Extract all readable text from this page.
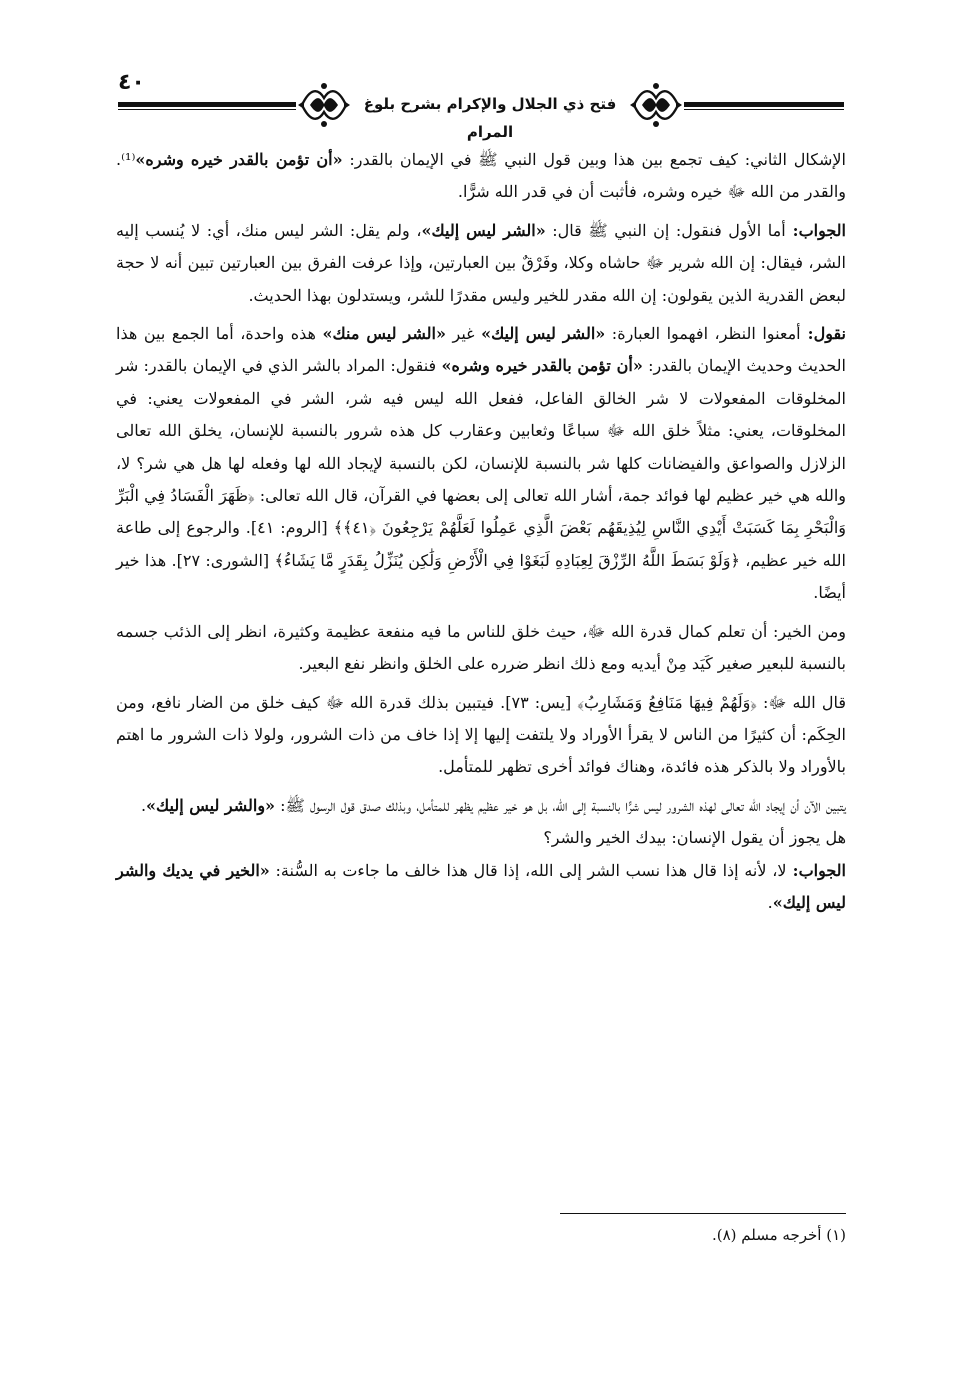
٤٠
فتح ذي الجلال والإكرام بشرح بلوغ المرام

الإشكال الثاني: كيف تجمع بين هذا وبين قول النبي ﷺ في الإيمان بالقدر: «أن تؤمن بالقدر خيره وشره»⁽¹⁾. والقدر من الله ﷻ خيره وشره، فأثبت أن في قدر الله شرًّا.

الجواب: أما الأول فنقول: إن النبي ﷺ قال: «الشر ليس إليك»، ولم يقل: الشر ليس منك، أي: لا يُنسب إليه الشر، فيقال: إن الله شرير ﷻ حاشاه وكلا، وفَرْقٌ بين العبارتين، وإذا عرفت الفرق بين العبارتين تبين أنه لا حجة لبعض القدرية الذين يقولون: إن الله مقدر للخير وليس مقدرًا للشر، ويستدلون بهذا الحديث.

نقول: أمعنوا النظر، افهموا العبارة: «الشر ليس إليك» غير «الشر ليس منك» هذه واحدة، أما الجمع بين هذا الحديث وحديث الإيمان بالقدر: «أن تؤمن بالقدر خيره وشره» فنقول: المراد بالشر الذي في الإيمان بالقدر: شر المخلوقات المفعولات لا شر الخالق الفاعل، ففعل الله ليس فيه شر، الشر في المفعولات يعني: في المخلوقات، يعني: مثلاً خلق الله ﷻ سباعًا وثعابين وعقارب كل هذه شرور بالنسبة للإنسان، يخلق الله تعالى الزلازل والصواعق والفيضانات كلها شر بالنسبة للإنسان، لكن بالنسبة لإيجاد الله لها وفعله لها هل هي شر؟ لا، والله هي خير عظيم لها فوائد جمة، أشار الله تعالى إلى بعضها في القرآن، قال الله تعالى: ﴿ظَهَرَ الْفَسَادُ فِي الْبَرِّ وَالْبَحْرِ بِمَا كَسَبَتْ أَيْدِي النَّاسِ لِيُذِيقَهُم بَعْضَ الَّذِي عَمِلُوا لَعَلَّهُمْ يَرْجِعُونَ ﴿٤١﴾﴾ [الروم: ٤١]. والرجوع إلى طاعة الله خير عظيم، ﴿وَلَوْ بَسَطَ اللَّهُ الرِّزْقَ لِعِبَادِهِ لَبَغَوْا فِي الْأَرْضِ وَلَٰكِن يُنَزِّلُ بِقَدَرٍ مَّا يَشَاءُ﴾ [الشورى: ٢٧]. هذا خير أيضًا.

ومن الخير: أن تعلم كمال قدرة الله ﷻ، حيث خلق للناس ما فيه منفعة عظيمة وكثيرة، انظر إلى الذئب جسمه بالنسبة للبعير صغير كَيَد مِنْ أيديه ومع ذلك انظر ضرره على الخلق وانظر نفع البعير.

قال الله ﷻ: ﴿وَلَهُمْ فِيهَا مَنَافِعُ وَمَشَارِبُ﴾ [يس: ٧٣]. فيتبين بذلك قدرة الله ﷻ كيف خلق من الضار نافع، ومن الحِكَم: أن كثيرًا من الناس لا يقرأ الأوراد ولا يلتفت إليها إلا إذا خاف من ذات الشرور، ولولا ذات الشرور ما اهتم بالأوراد ولا بالذكر هذه فائدة، وهناك فوائد أخرى تظهر للمتأمل.

يتبين الآن أن إيجاد الله تعالى لهذه الشرور ليس شرًّا بالنسبة إلى الله، بل هو خير عظيم يظهر للمتأمل، وبذلك صدق قول الرسول ﷺ: «والشر ليس إليك».

هل يجوز أن يقول الإنسان: بيدك الخير والشر؟

الجواب: لا، لأنه إذا قال هذا نسب الشر إلى الله، إذا قال هذا خالف ما جاءت به السُّنة: «الخير في يديك والشر ليس إليك».

(١) أخرجه مسلم (٨).
